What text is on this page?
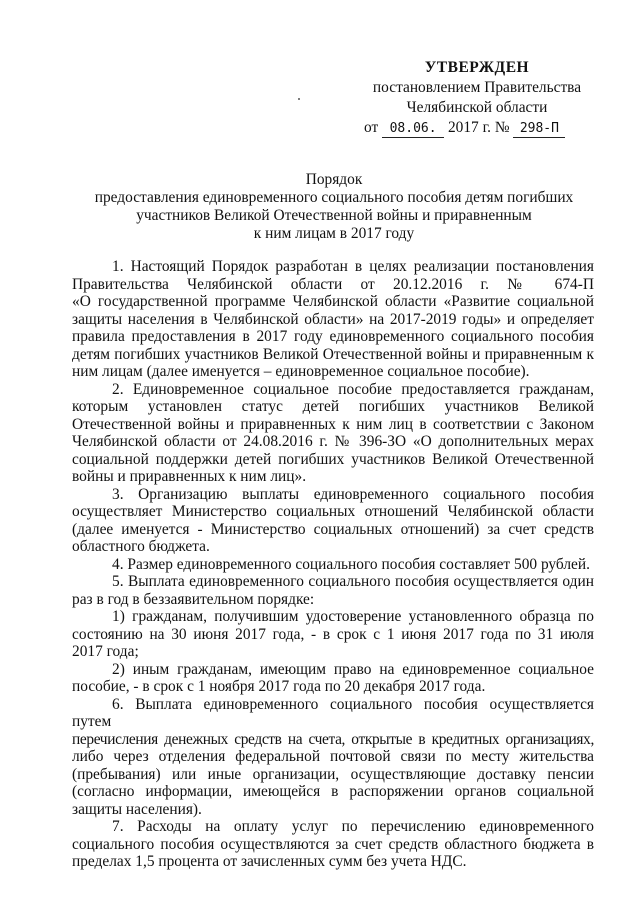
УТВЕРЖДЕН
постановлением Правительства
Челябинской области
от 08.06. 2017 г. № 298-П
Порядок
предоставления единовременного социального пособия детям погибших
участников Великой Отечественной войны и приравненным
к ним лицам в 2017 году
1. Настоящий Порядок разработан в целях реализации постановления
Правительства Челябинской области от 20.12.2016 г. № 674-П
«О государственной программе Челябинской области «Развитие социальной
защиты населения в Челябинской области» на 2017-2019 годы» и определяет
правила предоставления в 2017 году единовременного социального пособия
детям погибших участников Великой Отечественной войны и приравненным к
ним лицам (далее именуется – единовременное социальное пособие).
2. Единовременное социальное пособие предоставляется гражданам,
которым установлен статус детей погибших участников Великой
Отечественной войны и приравненных к ним лиц в соответствии с Законом
Челябинской области от 24.08.2016 г. № 396-ЗО «О дополнительных мерах
социальной поддержки детей погибших участников Великой Отечественной
войны и приравненных к ним лиц».
3. Организацию выплаты единовременного социального пособия
осуществляет Министерство социальных отношений Челябинской области
(далее именуется - Министерство социальных отношений) за счет средств
областного бюджета.
4. Размер единовременного социального пособия составляет 500 рублей.
5. Выплата единовременного социального пособия осуществляется один
раз в год в беззаявительном порядке:
1) гражданам, получившим удостоверение установленного образца по
состоянию на 30 июня 2017 года, - в срок с 1 июня 2017 года по 31 июля
2017 года;
2) иным гражданам, имеющим право на единовременное социальное
пособие, - в срок с 1 ноября 2017 года по 20 декабря 2017 года.
6. Выплата единовременного социального пособия осуществляется путем
перечисления денежных средств на счета, открытые в кредитных организациях,
либо через отделения федеральной почтовой связи по месту жительства
(пребывания) или иные организации, осуществляющие доставку пенсии
(согласно информации, имеющейся в распоряжении органов социальной
защиты населения).
7. Расходы на оплату услуг по перечислению единовременного
социального пособия осуществляются за счет средств областного бюджета в
пределах 1,5 процента от зачисленных сумм без учета НДС.
